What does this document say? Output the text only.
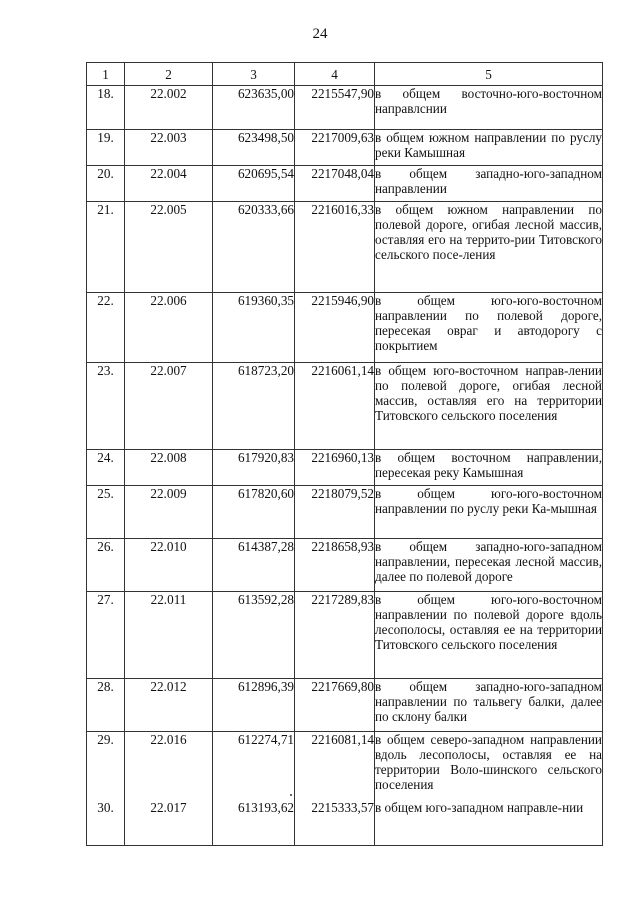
24
1	2	3	4	5
18.	22.002	623635,00	2215547,90	в общем восточно-юго-восточном направлснии
19.	22.003	623498,50	2217009,63	в общем южном направлении по руслу реки Камышная
20.	22.004	620695,54	2217048,04	в общем западно-юго-западном направлении
21.	22.005	620333,66	2216016,33	в общем южном направлении по полевой дороге, огибая лесной массив, оставляя его на террито-рии Титовского сельского посе-ления
22.	22.006	619360,35	2215946,90	в общем юго-юго-восточном направлении по полевой дороге, пересекая овраг и автодорогу с покрытием
23.	22.007	618723,20	2216061,14	в общем юго-восточном направ-лении по полевой дороге, огибая лесной массив, оставляя его на территории Титовского сельского поселения
24.	22.008	617920,83	2216960,13	в общем восточном направлении, пересекая реку Камышная
25.	22.009	617820,60	2218079,52	в общем юго-юго-восточном направлении по руслу реки Ка-мышная
26.	22.010	614387,28	2218658,93	в общем западно-юго-западном направлении, пересекая лесной массив, далее по полевой дороге
27.	22.011	613592,28	2217289,83	в общем юго-юго-восточном направлении по полевой дороге вдоль лесополосы, оставляя ее на территории Титовского сельского поселения
28.	22.012	612896,39	2217669,80	в общем западно-юго-западном направлении по тальвегу балки, далее по склону балки
29.	22.016	612274,71	2216081,14	в общем северо-западном направлении вдоль лесополосы, оставляя ее на территории Воло-шинского сельского поселения
30.	22.017	613193,62	2215333,57	в общем юго-западном направле-нии
